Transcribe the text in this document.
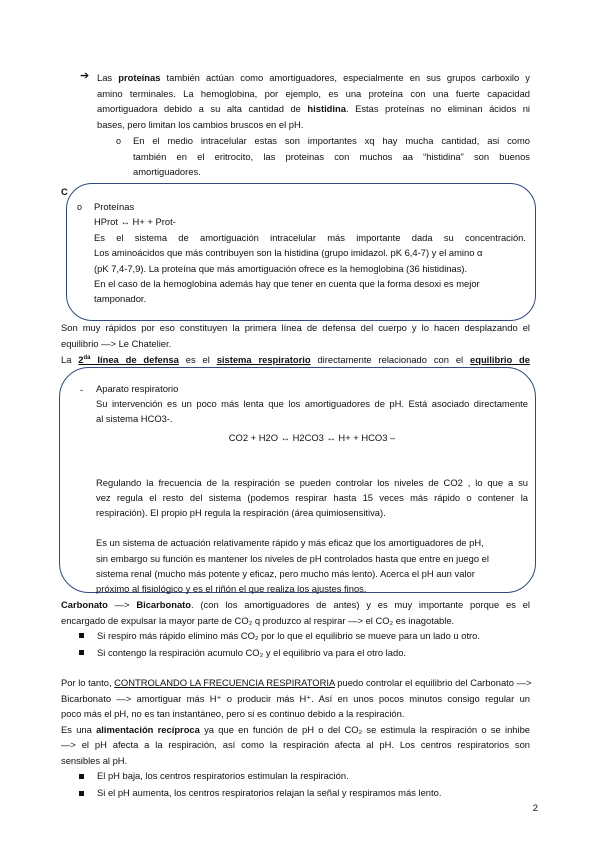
➔ Las proteínas también actúan como amortiguadores, especialmente en sus grupos carboxilo y
amino terminales. La hemoglobina, por ejemplo, es una proteína con una fuerte capacidad
amortiguadora debido a su alta cantidad de histidina. Estas proteínas no eliminan ácidos ni
bases, pero limitan los cambios bruscos en el pH.
o En el medio intracelular estas son importantes xq hay mucha cantidad, asi como
también en el eritrocito, las proteinas con muchos aa “histidina” son buenos
amortiguadores.
C
o Proteínas
HProt ↔ H+ + Prot-
Es el sistema de amortiguación intracelular más importante dada su concentración.
Los aminoácidos que más contribuyen son la histidina (grupo imidazol. pK 6,4-7) y el amino α
(pK 7,4-7,9). La proteína que más amortiguación ofrece es la hemoglobina (36 histidinas).
En el caso de la hemoglobina además hay que tener en cuenta que la forma desoxi es mejor
tamponador.
Son muy rápidos por eso constituyen la primera línea de defensa del cuerpo y lo hacen desplazando el
equilibrio —> Le Chatelier.
La $2^{da}$ línea de defensa es el sistema respiratorio directamente relacionado con el equilibrio de
- Aparato respiratorio
Su intervención es un poco más lenta que los amortiguadores de pH. Está asociado directamente
al sistema HCO3-.
CO2 + H2O ↔ H2CO3 ↔ H+ + HCO3 –
Regulando la frecuencia de la respiración se pueden controlar los niveles de CO2 , lo que a su
vez regula el resto del sistema (podemos respirar hasta 15 veces más rápido o contener la
respiración). El propio pH regula la respiración (área quimiosensitiva).
Es un sistema de actuación relativamente rápido y más eficaz que los amortiguadores de pH,
sin embargo su función es mantener los niveles de pH controlados hasta que entre en juego el
sistema renal (mucho más potente y eficaz, pero mucho más lento). Acerca el pH aun valor
próximo al fisiológico y es el riñón el que realiza los ajustes finos.
Carbonato —> Bicarbonato. (con los amortiguadores de antes) y es muy importante porque es el
encargado de expulsar la mayor parte de CO₂ q produzco al respirar —> el CO₂ es inagotable.
Si respiro más rápido elimino más CO₂ por lo que el equilibrio se mueve para un lado u otro.
Si contengo la respiración acumulo CO₂ y el equilibrio va para el otro lado.
Por lo tanto, CONTROLANDO LA FRECUENCIA RESPIRATORIA puedo controlar el equilibrio del Carbonato —>
Bicarbonato —> amortiguar más H⁺ o producir más H⁺. Así en unos pocos minutos consigo regular un
poco más el pH, no es tan instantáneo, pero si es continuo debido a la respiración.
Es una alimentación recíproca ya que en función de pH o del CO₂ se estimula la respiración o se inhibe
—> el pH afecta a la respiración, así como la respiración afecta al pH. Los centros respiratorios son
sensibles al pH.
El pH baja, los centros respiratorios estimulan la respiración.
Si el pH aumenta, los centros respiratorios relajan la señal y respiramos más lento.
2
